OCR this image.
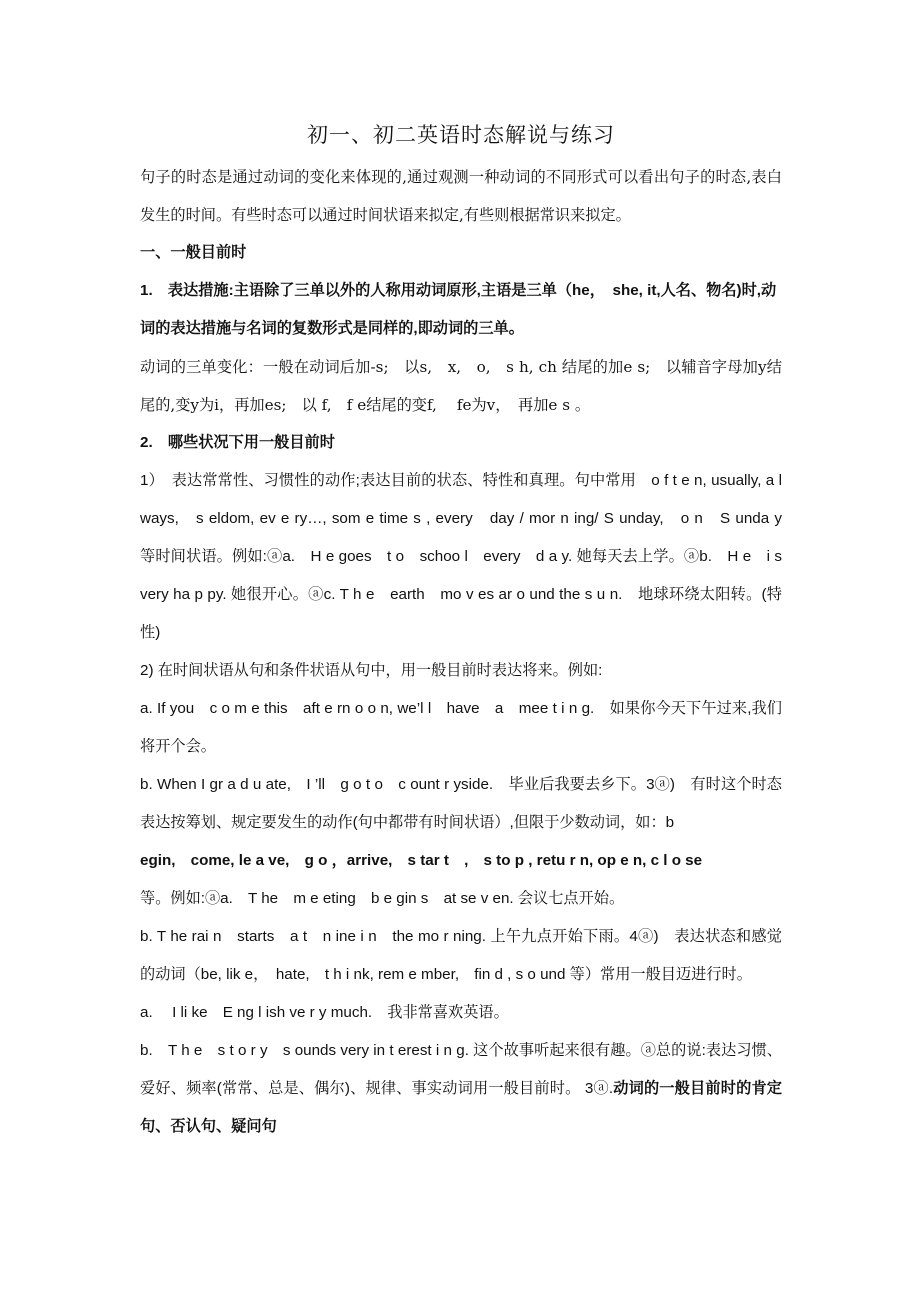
初一、初二英语时态解说与练习

句子的时态是通过动词的变化来体现的,通过观测一种动词的不同形式可以看出句子的时态,表白发生的时间。有些时态可以通过时间状语来拟定,有些则根据常识来拟定。

一、一般目前时

1.　表达措施:主语除了三单以外的人称用动词原形,主语是三单（he，　she, it,人名、物名)时,动词的表达措施与名词的复数形式是同样的,即动词的三单。

动词的三单变化：一般在动词后加-s;　以s,　x,　o,　s h, ch 结尾的加e s;　以辅音字母加y结尾的,变y为i，再加es;　以 f,　f e结尾的变f,　 fe为v，　再加e s 。

2.　哪些状况下用一般目前时

1）　表达常常性、习惯性的动作;表达目前的状态、特性和真理。句中常用　o f t e n, usually, a l ways,　s eldom, ev e ry…, som e time s , every　day / mor n ing/ S unday,　o n　S unda y　等时间状语。例如:ⓐa.　H e goes　t o　schoo l　every　d a y. 她每天去上学。ⓐb.　H e　i s very ha p py. 她很开心。ⓐc. T h e　earth　mo v es ar o und the s u n.　地球环绕太阳转。(特性)

2) 在时间状语从句和条件状语从句中，用一般目前时表达将来。例如:

a. If you　c o m e this　aft e rn o o n, we’l l　have　a　mee t i n g.　如果你今天下午过来,我们将开个会。

b. When I gr a d u ate,　I ’ll　g o t o　c ount r yside.　毕业后我要去乡下。3ⓐ)　有时这个时态表达按筹划、规定要发生的动作(句中都带有时间状语）,但限于少数动词，如：b

egin,　come, le a ve,　g o ，arrive,　s tar t　,　s to p , retu r n, op e n, c l o se

等。例如:ⓐa.　T he　m e eting　b e gin s　at se v en. 会议七点开始。

b. T he rai n　starts　a t　n ine i n　the mo r ning. 上午九点开始下雨。4ⓐ)　表达状态和感觉的动词（be, lik e，　hate,　t h i nk, rem e mber,　fin d , s o und 等）常用一般目迈进行时。

a.　 I li ke　E ng l ish ve r y much.　我非常喜欢英语。

b.　T h e　s t o r y　s ounds very in t erest i n g. 这个故事听起来很有趣。ⓐ总的说:表达习惯、爱好、频率(常常、总是、偶尔)、规律、事实动词用一般目前时。 3ⓐ.动词的一般目前时的肯定句、否认句、疑问句
